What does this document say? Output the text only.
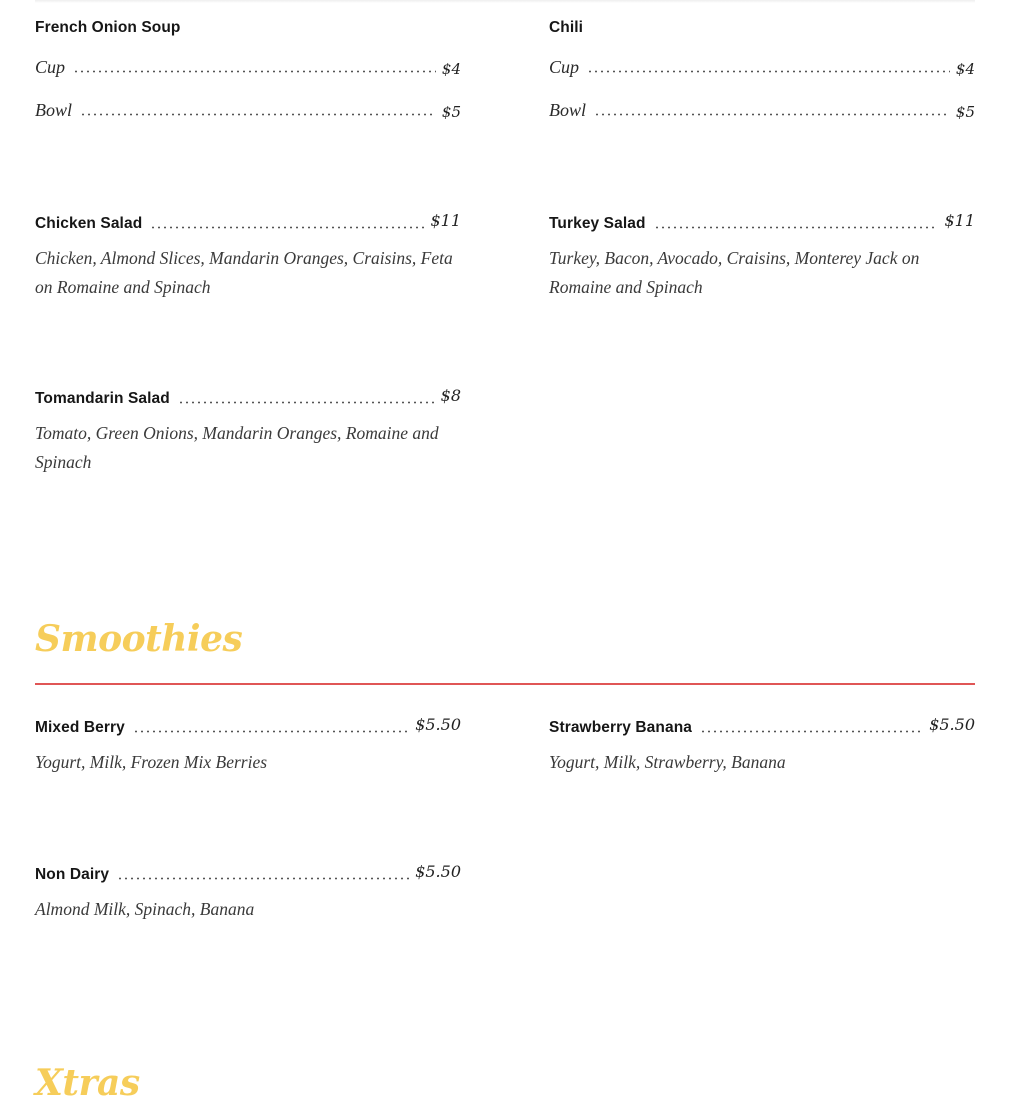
French Onion Soup
Cup	$4
Bowl	$5
Chili
Cup	$4
Bowl	$5
Chicken Salad	$11
Chicken, Almond Slices, Mandarin Oranges, Craisins, Feta on Romaine and Spinach
Turkey Salad	$11
Turkey, Bacon, Avocado, Craisins, Monterey Jack on Romaine and Spinach
Tomandarin Salad	$8
Tomato, Green Onions, Mandarin Oranges, Romaine and Spinach
Smoothies
Mixed Berry	$5.50
Yogurt, Milk, Frozen Mix Berries
Strawberry Banana	$5.50
Yogurt, Milk, Strawberry, Banana
Non Dairy	$5.50
Almond Milk, Spinach, Banana
Xtras
